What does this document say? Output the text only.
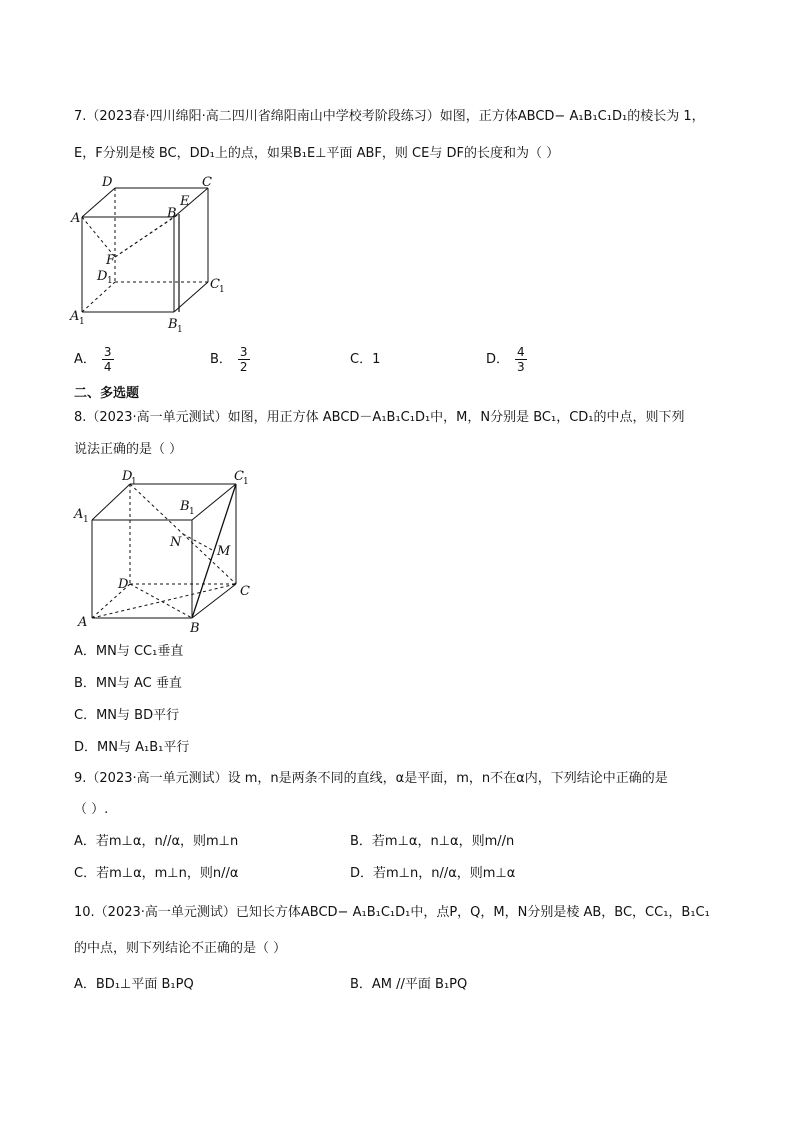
7.（2023春·四川绵阳·高二四川省绵阳南山中学校考阶段练习）如图，正方体ABCD− A₁B₁C₁D₁的棱长为 1，
E，F分别是棱 BC，DD₁上的点，如果B₁E⊥平面 ABF，则 CE与 DF的长度和为（ ）
D	C
E
A	B
F
D 1	C 1
A 1	B 1
A． $\frac{3}{4}$	B． $\frac{3}{2}$	C．1	D． $\frac{4}{3}$
二、多选题
8.（2023·高一单元测试）如图，用正方体 ABCD－A₁B₁C₁D₁中，M，N分别是 BC₁，CD₁的中点，则下列
说法正确的是（ ）
D
1	C 1
B 1
A 1
N
M
D	C
A	B
A．MN与 CC₁垂直
B．MN与 AC 垂直
C．MN与 BD平行
D．MN与 A₁B₁平行
9.（2023·高一单元测试）设 m，n是两条不同的直线，α是平面，m，n不在α内，下列结论中正确的是
（ ）.
A．若m⊥α，n//α，则m⊥n	B．若m⊥α，n⊥α，则m//n
C．若m⊥α，m⊥n，则n//α	D．若m⊥n，n//α，则m⊥α
10.（2023·高一单元测试）已知长方体ABCD− A₁B₁C₁D₁中，点P，Q，M，N分别是棱 AB，BC，CC₁，B₁C₁
的中点，则下列结论不正确的是（ ）
A．BD₁⊥平面 B₁PQ	B．AM //平面 B₁PQ
